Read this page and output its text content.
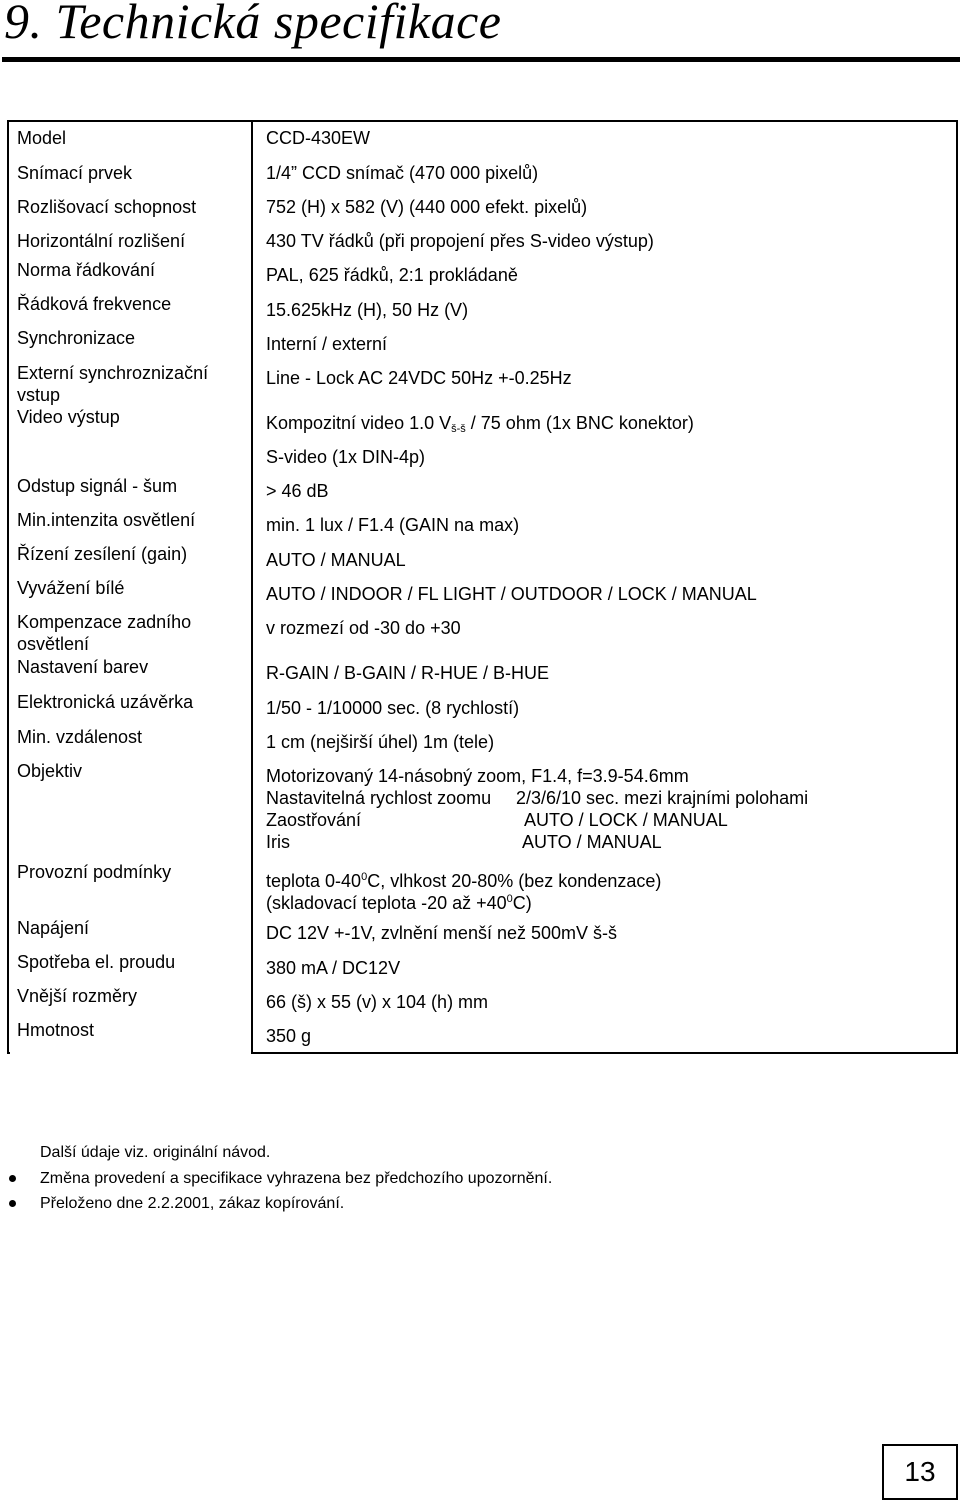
9. Technická specifikace
Model
Snímací prvek
Rozlišovací schopnost
Horizontální rozlišení
Norma řádkování
Řádková frekvence
Synchronizace
Externí synchroznizační vstup
Video výstup
Odstup signál - šum
Min.intenzita osvětlení
Řízení zesílení (gain)
Vyvážení bílé
Kompenzace zadního osvětlení
Nastavení barev
Elektronická uzávěrka
Min. vzdálenost
Objektiv
Provozní podmínky
Napájení
Spotřeba el. proudu
Vnější rozměry
Hmotnost
CCD-430EW
1/4” CCD snímač (470 000 pixelů)
752 (H) x 582 (V) (440 000 efekt. pixelů)
430 TV řádků (při propojení přes S-video výstup)
PAL, 625 řádků, 2:1 prokládaně
15.625kHz (H), 50 Hz (V)
Interní / externí
Line - Lock AC 24VDC 50Hz +-0.25Hz
Kompozitní video 1.0 $V_{š-š} / 75$ ohm (1x BNC konektor)
S-video (1x DIN-4p)
> 46 dB
min. 1 lux / F1.4 (GAIN na max)
AUTO / MANUAL
AUTO / INDOOR / FL LIGHT / OUTDOOR / LOCK / MANUAL
v rozmezí od -30 do +30
R-GAIN / B-GAIN / R-HUE / B-HUE
1/50 - 1/10000 sec. (8 rychlostí)
1 cm (nejširší úhel) 1m (tele)
Motorizovaný 14-násobný zoom, F1.4, f=3.9-54.6mm
Nastavitelná rychlost zoomu 2/3/6/10 sec. mezi krajními polohami
Zaostřování	AUTO / LOCK / MANUAL
Iris	AUTO / MANUAL
teplota $0-40^0C$, vlhkost 20-80% (bez kondenzace)
(skladovací teplota -20 až $+40^0C$)
DC 12V +-1V, zvlnění menší než 500mV š-š
380 mA / DC12V
66 (š) x 55 (v) x 104 (h) mm
350 g
Další údaje viz. originální návod.
Změna provedení a specifikace vyhrazena bez předchozího upozornění.
Přeloženo dne 2.2.2001, zákaz kopírování.
13
